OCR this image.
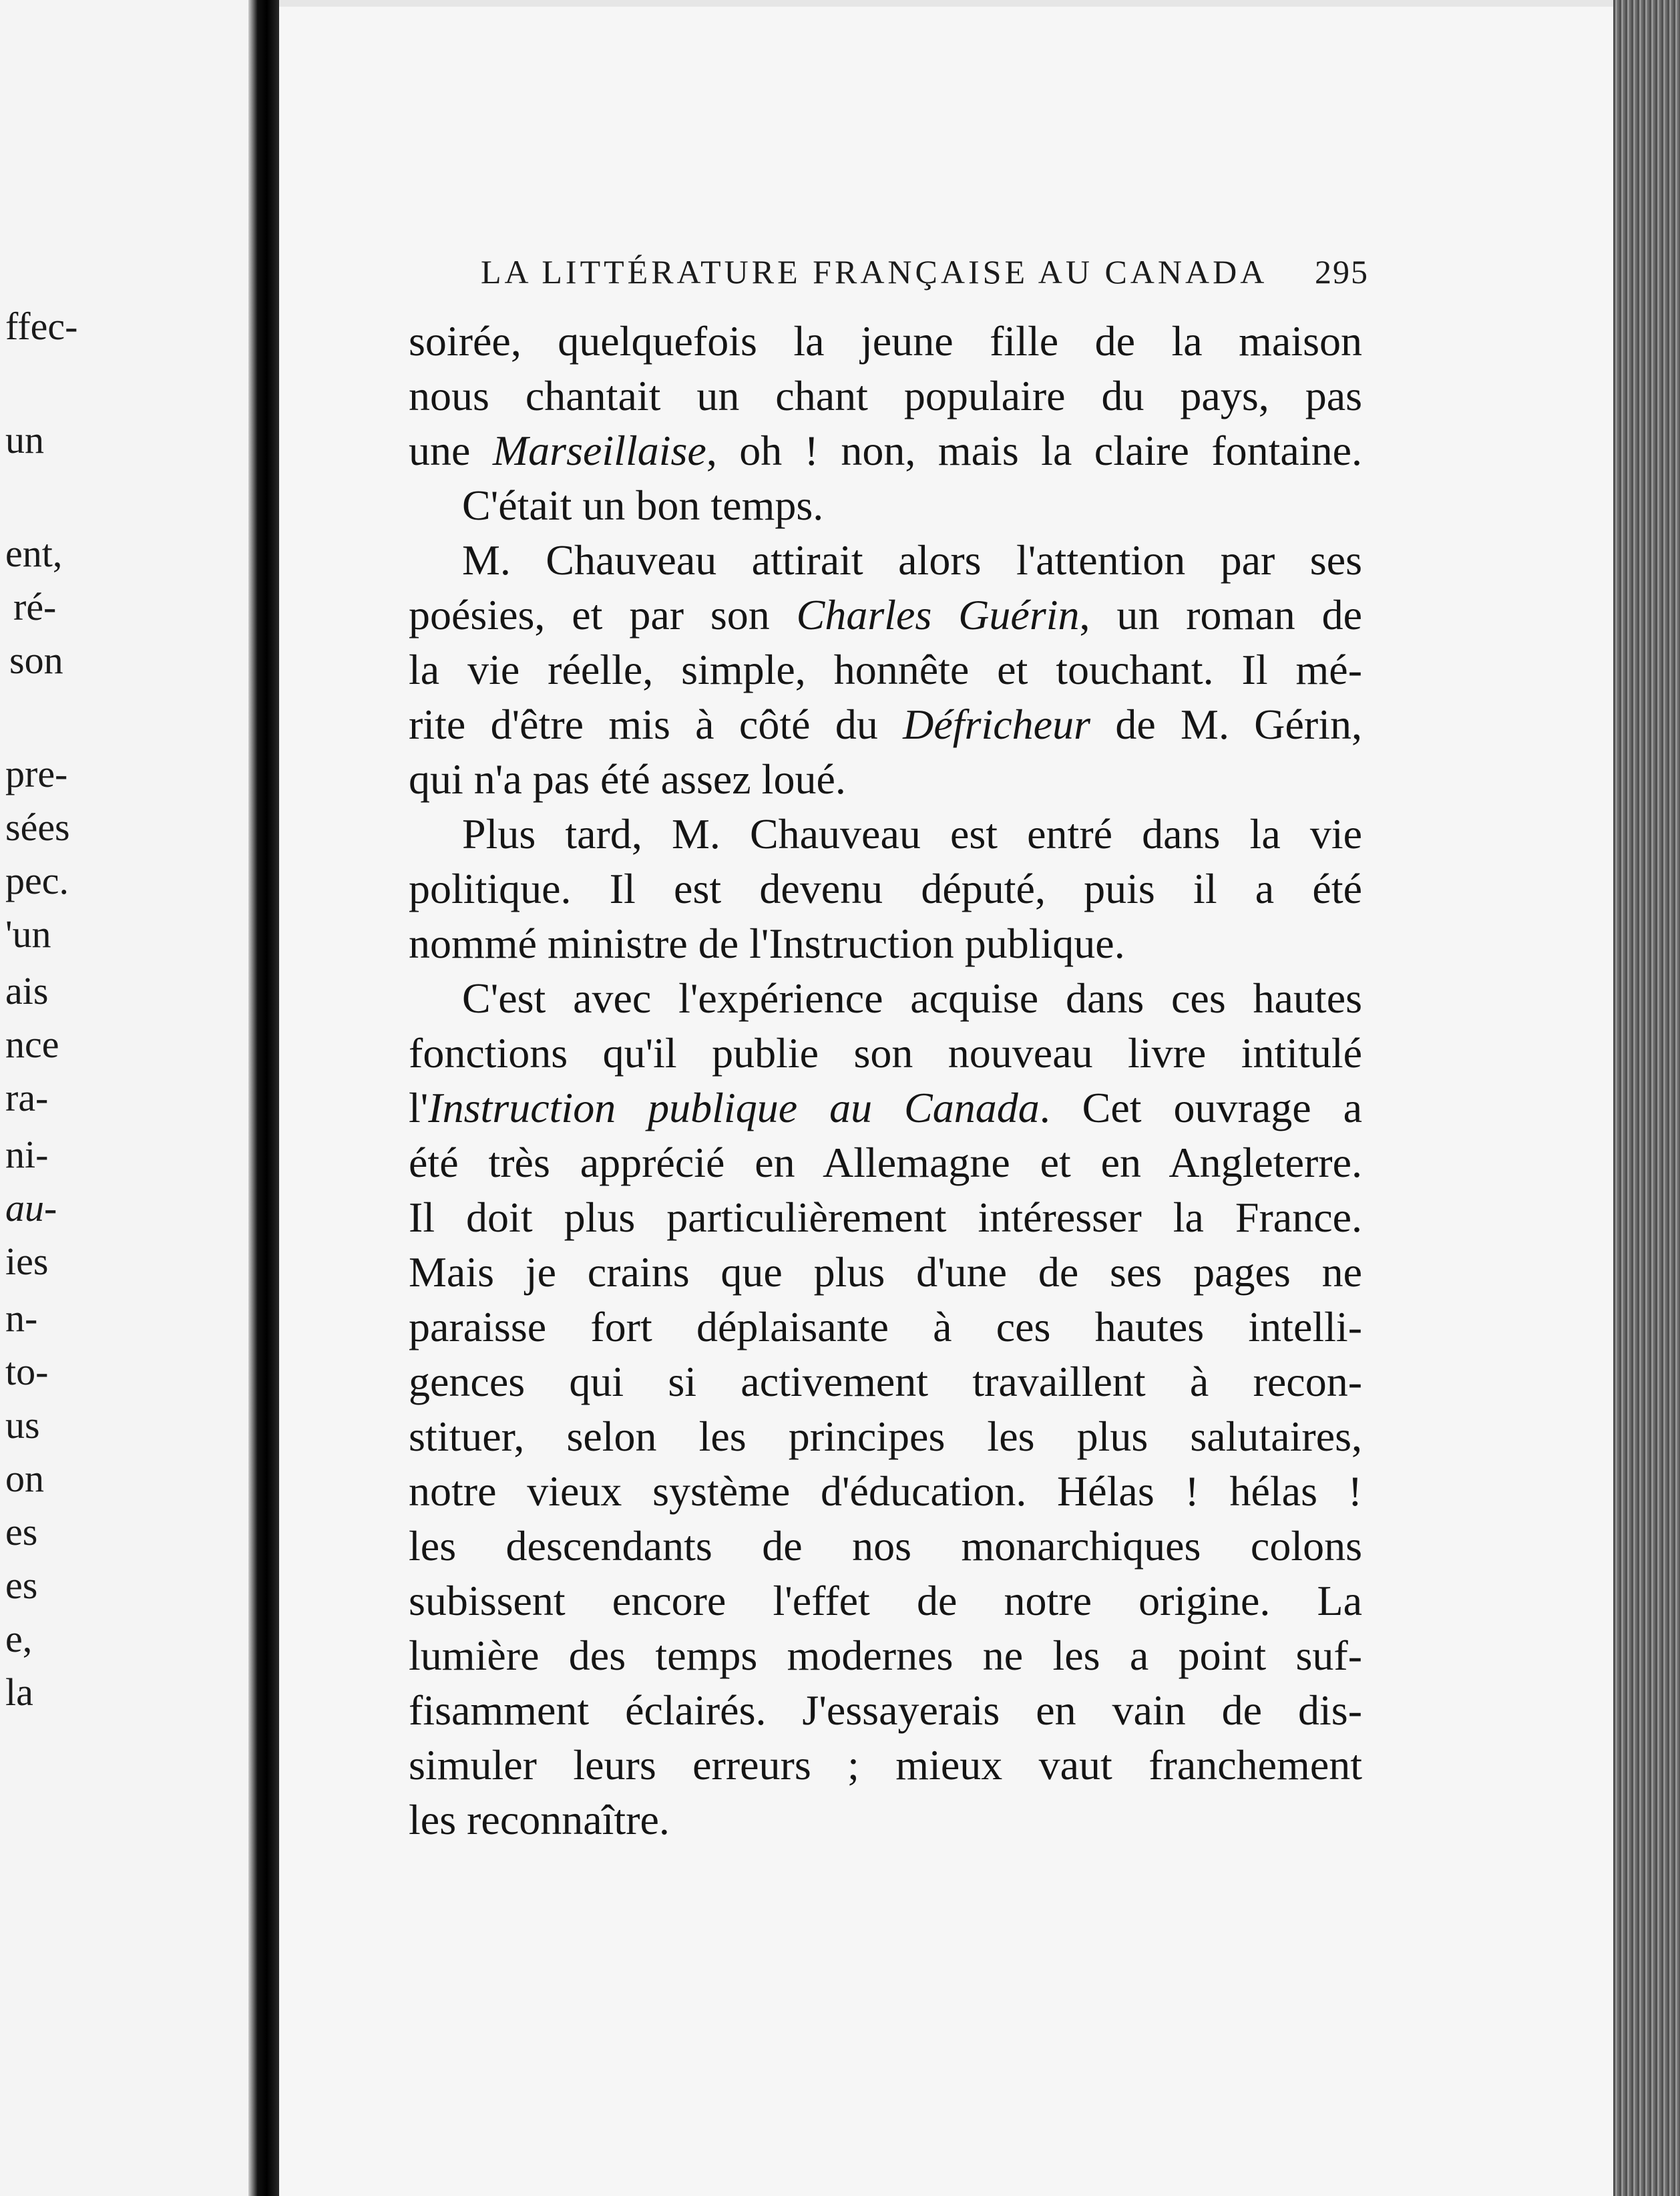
ffec-
un
ent,
ré-
son
pre-
sées
pec.
'un
ais
nce
ra-
ni-
au-
ies
n-
to-
us
on
es
es
e,
la
LA LITTÉRATURE FRANÇAISE AU CANADA 295
soirée, quelquefois la jeune fille de la maison
nous chantait un chant populaire du pays, pas
une Marseillaise, oh ! non, mais la claire fontaine.
C'était un bon temps.
M. Chauveau attirait alors l'attention par ses
poésies, et par son Charles Guérin, un roman de
la vie réelle, simple, honnête et touchant. Il mé-
rite d'être mis à côté du Défricheur de M. Gérin,
qui n'a pas été assez loué.
Plus tard, M. Chauveau est entré dans la vie
politique. Il est devenu député, puis il a été
nommé ministre de l'Instruction publique.
C'est avec l'expérience acquise dans ces hautes
fonctions qu'il publie son nouveau livre intitulé
l'Instruction publique au Canada. Cet ouvrage a
été très apprécié en Allemagne et en Angleterre.
Il doit plus particulièrement intéresser la France.
Mais je crains que plus d'une de ses pages ne
paraisse fort déplaisante à ces hautes intelli-
gences qui si activement travaillent à recon-
stituer, selon les principes les plus salutaires,
notre vieux système d'éducation. Hélas ! hélas !
les descendants de nos monarchiques colons
subissent encore l'effet de notre origine. La
lumière des temps modernes ne les a point suf-
fisamment éclairés. J'essayerais en vain de dis-
simuler leurs erreurs ; mieux vaut franchement
les reconnaître.
